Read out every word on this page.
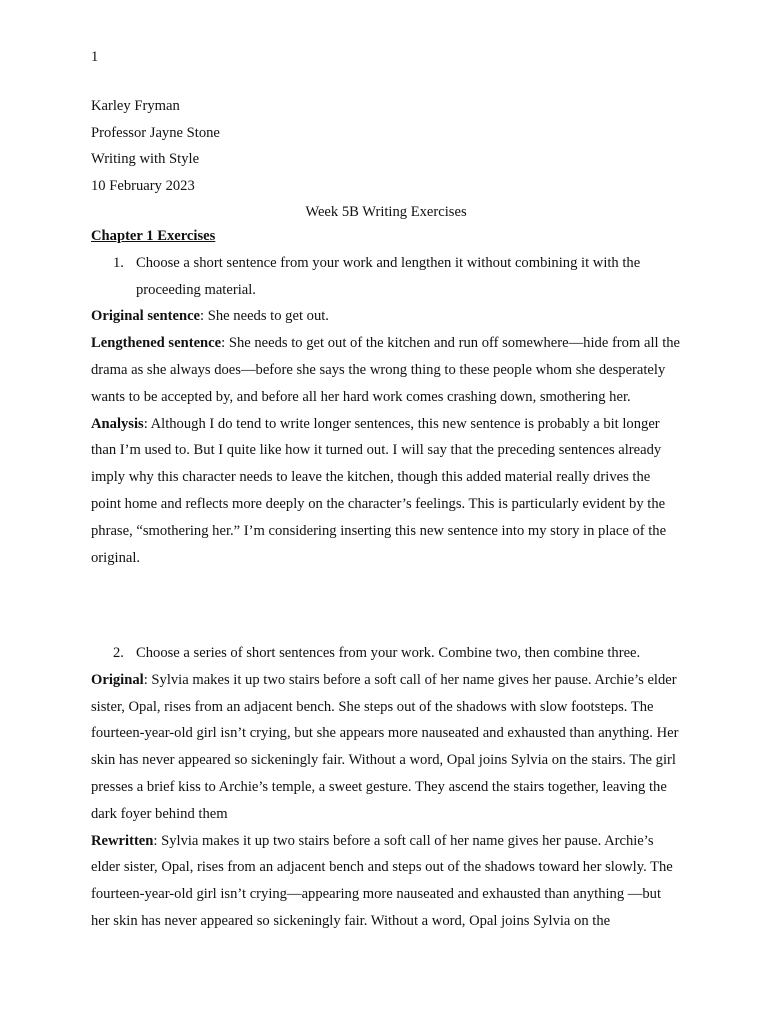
1
Karley Fryman
Professor Jayne Stone
Writing with Style
10 February 2023
Week 5B Writing Exercises
Chapter 1 Exercises
1. Choose a short sentence from your work and lengthen it without combining it with the proceeding material.
Original sentence: She needs to get out.
Lengthened sentence: She needs to get out of the kitchen and run off somewhere—hide from all the drama as she always does—before she says the wrong thing to these people whom she desperately wants to be accepted by, and before all her hard work comes crashing down, smothering her.
Analysis: Although I do tend to write longer sentences, this new sentence is probably a bit longer than I’m used to. But I quite like how it turned out. I will say that the preceding sentences already imply why this character needs to leave the kitchen, though this added material really drives the point home and reflects more deeply on the character’s feelings. This is particularly evident by the phrase, “smothering her.” I’m considering inserting this new sentence into my story in place of the original.
2. Choose a series of short sentences from your work. Combine two, then combine three.
Original: Sylvia makes it up two stairs before a soft call of her name gives her pause. Archie’s elder sister, Opal, rises from an adjacent bench. She steps out of the shadows with slow footsteps. The fourteen-year-old girl isn’t crying, but she appears more nauseated and exhausted than anything. Her skin has never appeared so sickeningly fair. Without a word, Opal joins Sylvia on the stairs. The girl presses a brief kiss to Archie’s temple, a sweet gesture. They ascend the stairs together, leaving the dark foyer behind them
Rewritten: Sylvia makes it up two stairs before a soft call of her name gives her pause. Archie’s elder sister, Opal, rises from an adjacent bench and steps out of the shadows toward her slowly. The fourteen-year-old girl isn’t crying—appearing more nauseated and exhausted than anything —but her skin has never appeared so sickeningly fair. Without a word, Opal joins Sylvia on the
